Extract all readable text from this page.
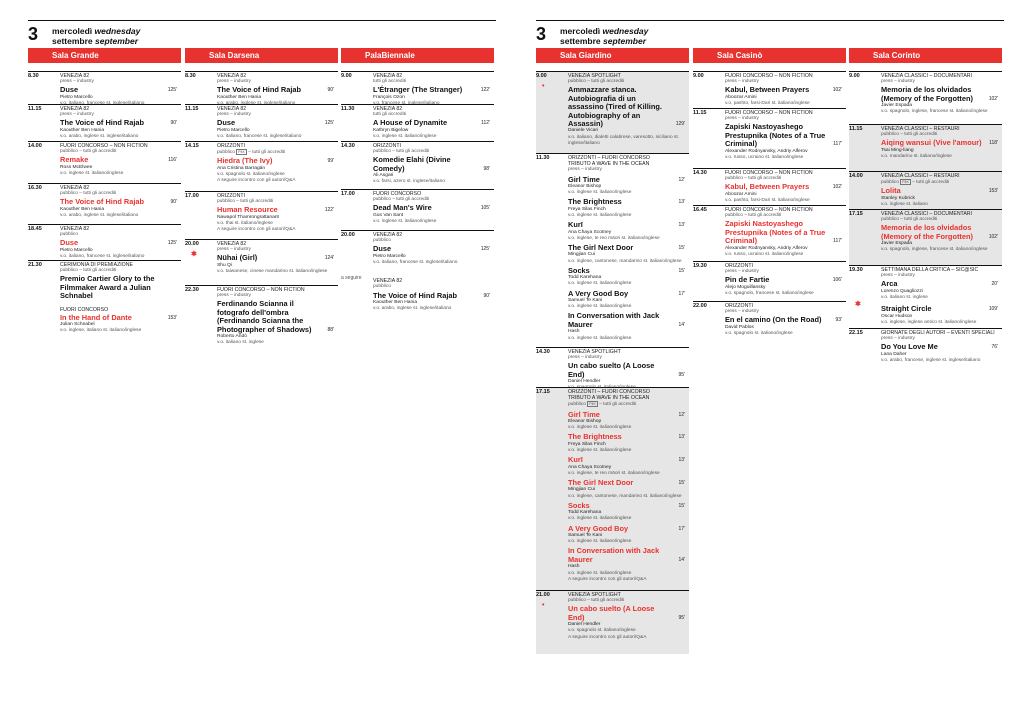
3 mercoledì wednesday
settembre september
Sala Grande
8.30	VENEZIA 82
press – industry
Duse	125'
Pietro Marcello
v.o. italiano, francese st. inglese/italiano
11.15	VENEZIA 82
press – industry
The Voice of Hind Rajab	90'
Kaouther Ben Hania
v.o. arabo, inglese st. inglese/italiano
14.00	FUORI CONCORSO – NON FICTION
pubblico – tutti gli accrediti
Remake	116'
Ross McElwee
v.o. inglese st. italiano/inglese
16.30	VENEZIA 82
pubblico – tutti gli accrediti
The Voice of Hind Rajab	90'
Kaouther Ben Hania
v.o. arabo, inglese st. inglese/italiano
18.45	VENEZIA 82
pubblico
Duse	125'
Pietro Marcello
v.o. italiano, francese st. inglese/italiano
21.30	CERIMONIA DI PREMIAZIONE
pubblico – tutti gli accrediti
Premio Cartier Glory to the Filmmaker Award a Julian Schnabel
FUORI CONCORSO
In the Hand of Dante	153'
Julian Schnabel
v.o. inglese, italiano st. italiano/inglese
Sala Darsena
8.30	VENEZIA 82
press – industry
The Voice of Hind Rajab	90'
Kaouther Ben Hania
v.o. arabo, inglese st. inglese/italiano
11.15	VENEZIA 82
press – industry
Duse	125'
Pietro Marcello
v.o. italiano, francese st. inglese/italiano
14.15	ORIZZONTI
pubblico P4K – tutti gli accrediti
Hiedra (The Ivy)	99'
Ana Cristina Barragán
v.o. spagnolo st. italiano/inglese
A seguire incontro con gli autori/Q&A
17.00	ORIZZONTI
pubblico – tutti gli accrediti
Human Resource	122'
Nawapol Thamrongrattanarit
v.o. thai st. italiano/inglese
A seguire incontro con gli autori/Q&A
20.00
✱
VENEZIA 82
press – industry
Nühai (Girl)	124'
Shu Qi
v.o. taiwanese, cinese mandarino st. italiano/inglese
22.30	FUORI CONCORSO – NON FICTION
press – industry
Ferdinando Scianna il fotografo dell'ombra (Ferdinando Scianna the Photographer of Shadows)	88'
Roberto Andò
v.o. italiano st. inglese
PalaBiennale
9.00	VENEZIA 82
tutti gli accrediti
L'Étranger (The Stranger)	122'
François Ozon
v.o. francese st. inglese/italiano
11.30	VENEZIA 82
tutti gli accrediti
A House of Dynamite	112'
Kathryn Bigelow
v.o. inglese st. italiano/inglese
14.30	ORIZZONTI
pubblico – tutti gli accrediti
Komedie Elahi (Divine Comedy)	98'
Ali Asgari
v.o. farsi, azero st. inglese/italiano
17.00	FUORI CONCORSO
pubblico – tutti gli accrediti
Dead Man's Wire	105'
Gus Van Sant
v.o. inglese st. italiano/inglese
20.00	VENEZIA 82
pubblico
Duse	125'
Pietro Marcello
v.o. italiano, francese st. inglese/italiano
a seguire
VENEZIA 82
pubblico
The Voice of Hind Rajab	90'
Kaouther Ben Hania
v.o. arabo, inglese st. inglese/italiano
3 mercoledì wednesday
settembre september
Sala Giardino
9.00
•
VENEZIA SPOTLIGHT
pubblico – tutti gli accrediti
Ammazzare stanca. Autobiografia di un assassino (Tired of Killing. Autobiography of an Assassin)	129'
Daniele Vicari
v.o. italiano, dialetti calabrese, varesotto, siciliano st. inglese/italiano
11.30	ORIZZONTI – FUORI CONCORSO
TRIBUTO A WAVE IN THE OCEAN
press – industry
Girl Time	12'
Eleanor Bishop
v.o. inglese st. italiano/inglese
The Brightness	13'
Freya Silas Finch
v.o. inglese st. italiano/inglese
Kurī	13'
Ana Chaya Scotney
v.o. inglese, te reo māori st. italiano/inglese
The Girl Next Door	15'
Mingjian Cui
v.o. inglese, cantonese, mandarino st. italiano/inglese
Socks	15'
Todd Karehana
v.o. inglese st. italiano/inglese
A Very Good Boy	17'
Samuel Te Kani
v.o. inglese st. italiano/inglese
In Conversation with Jack Maurer	14'
Hash
v.o. inglese st. italiano/inglese
14.30	VENEZIA SPOTLIGHT
press – industry
Un cabo suelto (A Loose End)	95'
Daniel Hendler
17.15	ORIZZONTI – FUORI CONCORSO
TRIBUTO A WAVE IN THE OCEAN
pubblico P4K – tutti gli accrediti
Girl Time	12'
Eleanor Bishop
v.o. inglese st. italiano/inglese
The Brightness	13'
Freya Silas Finch
v.o. inglese st. italiano/inglese
Kurī	13'
Ana Chaya Scotney
v.o. inglese, te reo māori st. italiano/inglese
The Girl Next Door	15'
Mingjian Cui
v.o. inglese, cantonese, mandarino st. italiano/inglese
Socks	15'
Todd Karehana
v.o. inglese st. italiano/inglese
A Very Good Boy	17'
Samuel Te Kani
v.o. inglese st. italiano/inglese
In Conversation with Jack Maurer	14'
Hash
v.o. inglese st. italiano/inglese
A seguire incontro con gli autori/Q&A
21.00
•
VENEZIA SPOTLIGHT
pubblico – tutti gli accrediti
Un cabo suelto (A Loose End)	95'
Daniel Hendler
v.o. spagnolo st. italiano/inglese
A seguire incontro con gli autori/Q&A
Sala Casinò
9.00	FUORI CONCORSO – NON FICTION
press – industry
Kabul, Between Prayers	102'
Aboozar Amini
v.o. pashto, farsi-Dari st. italiano/inglese
11.15	FUORI CONCORSO – NON FICTION
press – industry
Zapiski Nastoyashego Prestupnika (Notes of a True Criminal)	117'
Alexander Rodnyansky, Andriy Alferov
v.o. russo, ucraino st. italiano/inglese
14.30	FUORI CONCORSO – NON FICTION
pubblico – tutti gli accrediti
Kabul, Between Prayers	102'
Aboozar Amini
v.o. pashto, farsi-Dari st. italiano/inglese
16.45	FUORI CONCORSO – NON FICTION
pubblico – tutti gli accrediti
Zapiski Nastoyashego Prestupnika (Notes of a True Criminal)	117'
Alexander Rodnyansky, Andriy Alferov
v.o. russo, ucraino st. italiano/inglese
19.30	ORIZZONTI
press – industry
Pin de Fartie	106'
Alejo Moguillansky
v.o. spagnolo, francese st. italiano/inglese
22.00	ORIZZONTI
press – industry
En el camino (On the Road)	93'
David Pablos
v.o. spagnolo st. italiano/inglese
Sala Corinto
9.00	VENEZIA CLASSICI – DOCUMENTARI
press – industry
Memoria de los olvidados (Memory of the Forgotten)	102'
Javier Espada
v.o. spagnolo, inglese, francese st. italiano/inglese
11.15	VENEZIA CLASSICI – RESTAURI
pubblico – tutti gli accrediti
Aiqing wansui (Vive l'amour) 118'
Tsai Ming-liang
v.o. mandarino st. italiano/inglese
14.00	VENEZIA CLASSICI – RESTAURI
pubblico P4K – tutti gli accrediti
Lolita	153'
Stanley Kubrick
v.o. inglese st. italiano
17.15	VENEZIA CLASSICI – DOCUMENTARI
pubblico – tutti gli accrediti
Memoria de los olvidados (Memory of the Forgotten)	102'
Javier Espada
v.o. spagnolo, inglese, francese st. italiano/inglese
19.30	SETTIMANA DELLA CRITICA – SIC@SIC
press – industry
Arca	20'
Lorenzo Quagliozzi
v.o. italiano st. inglese
✱	Straight Circle	109'
Oscar Hudson
v.o. inglese, inglese antico st. italiano/inglese
22.15	GIORNATE DEGLI AUTORI – EVENTI SPECIALI
press – industry
Do You Love Me	76'
Lana Daher
v.o. arabo, francese, inglese st. inglese/italiano
